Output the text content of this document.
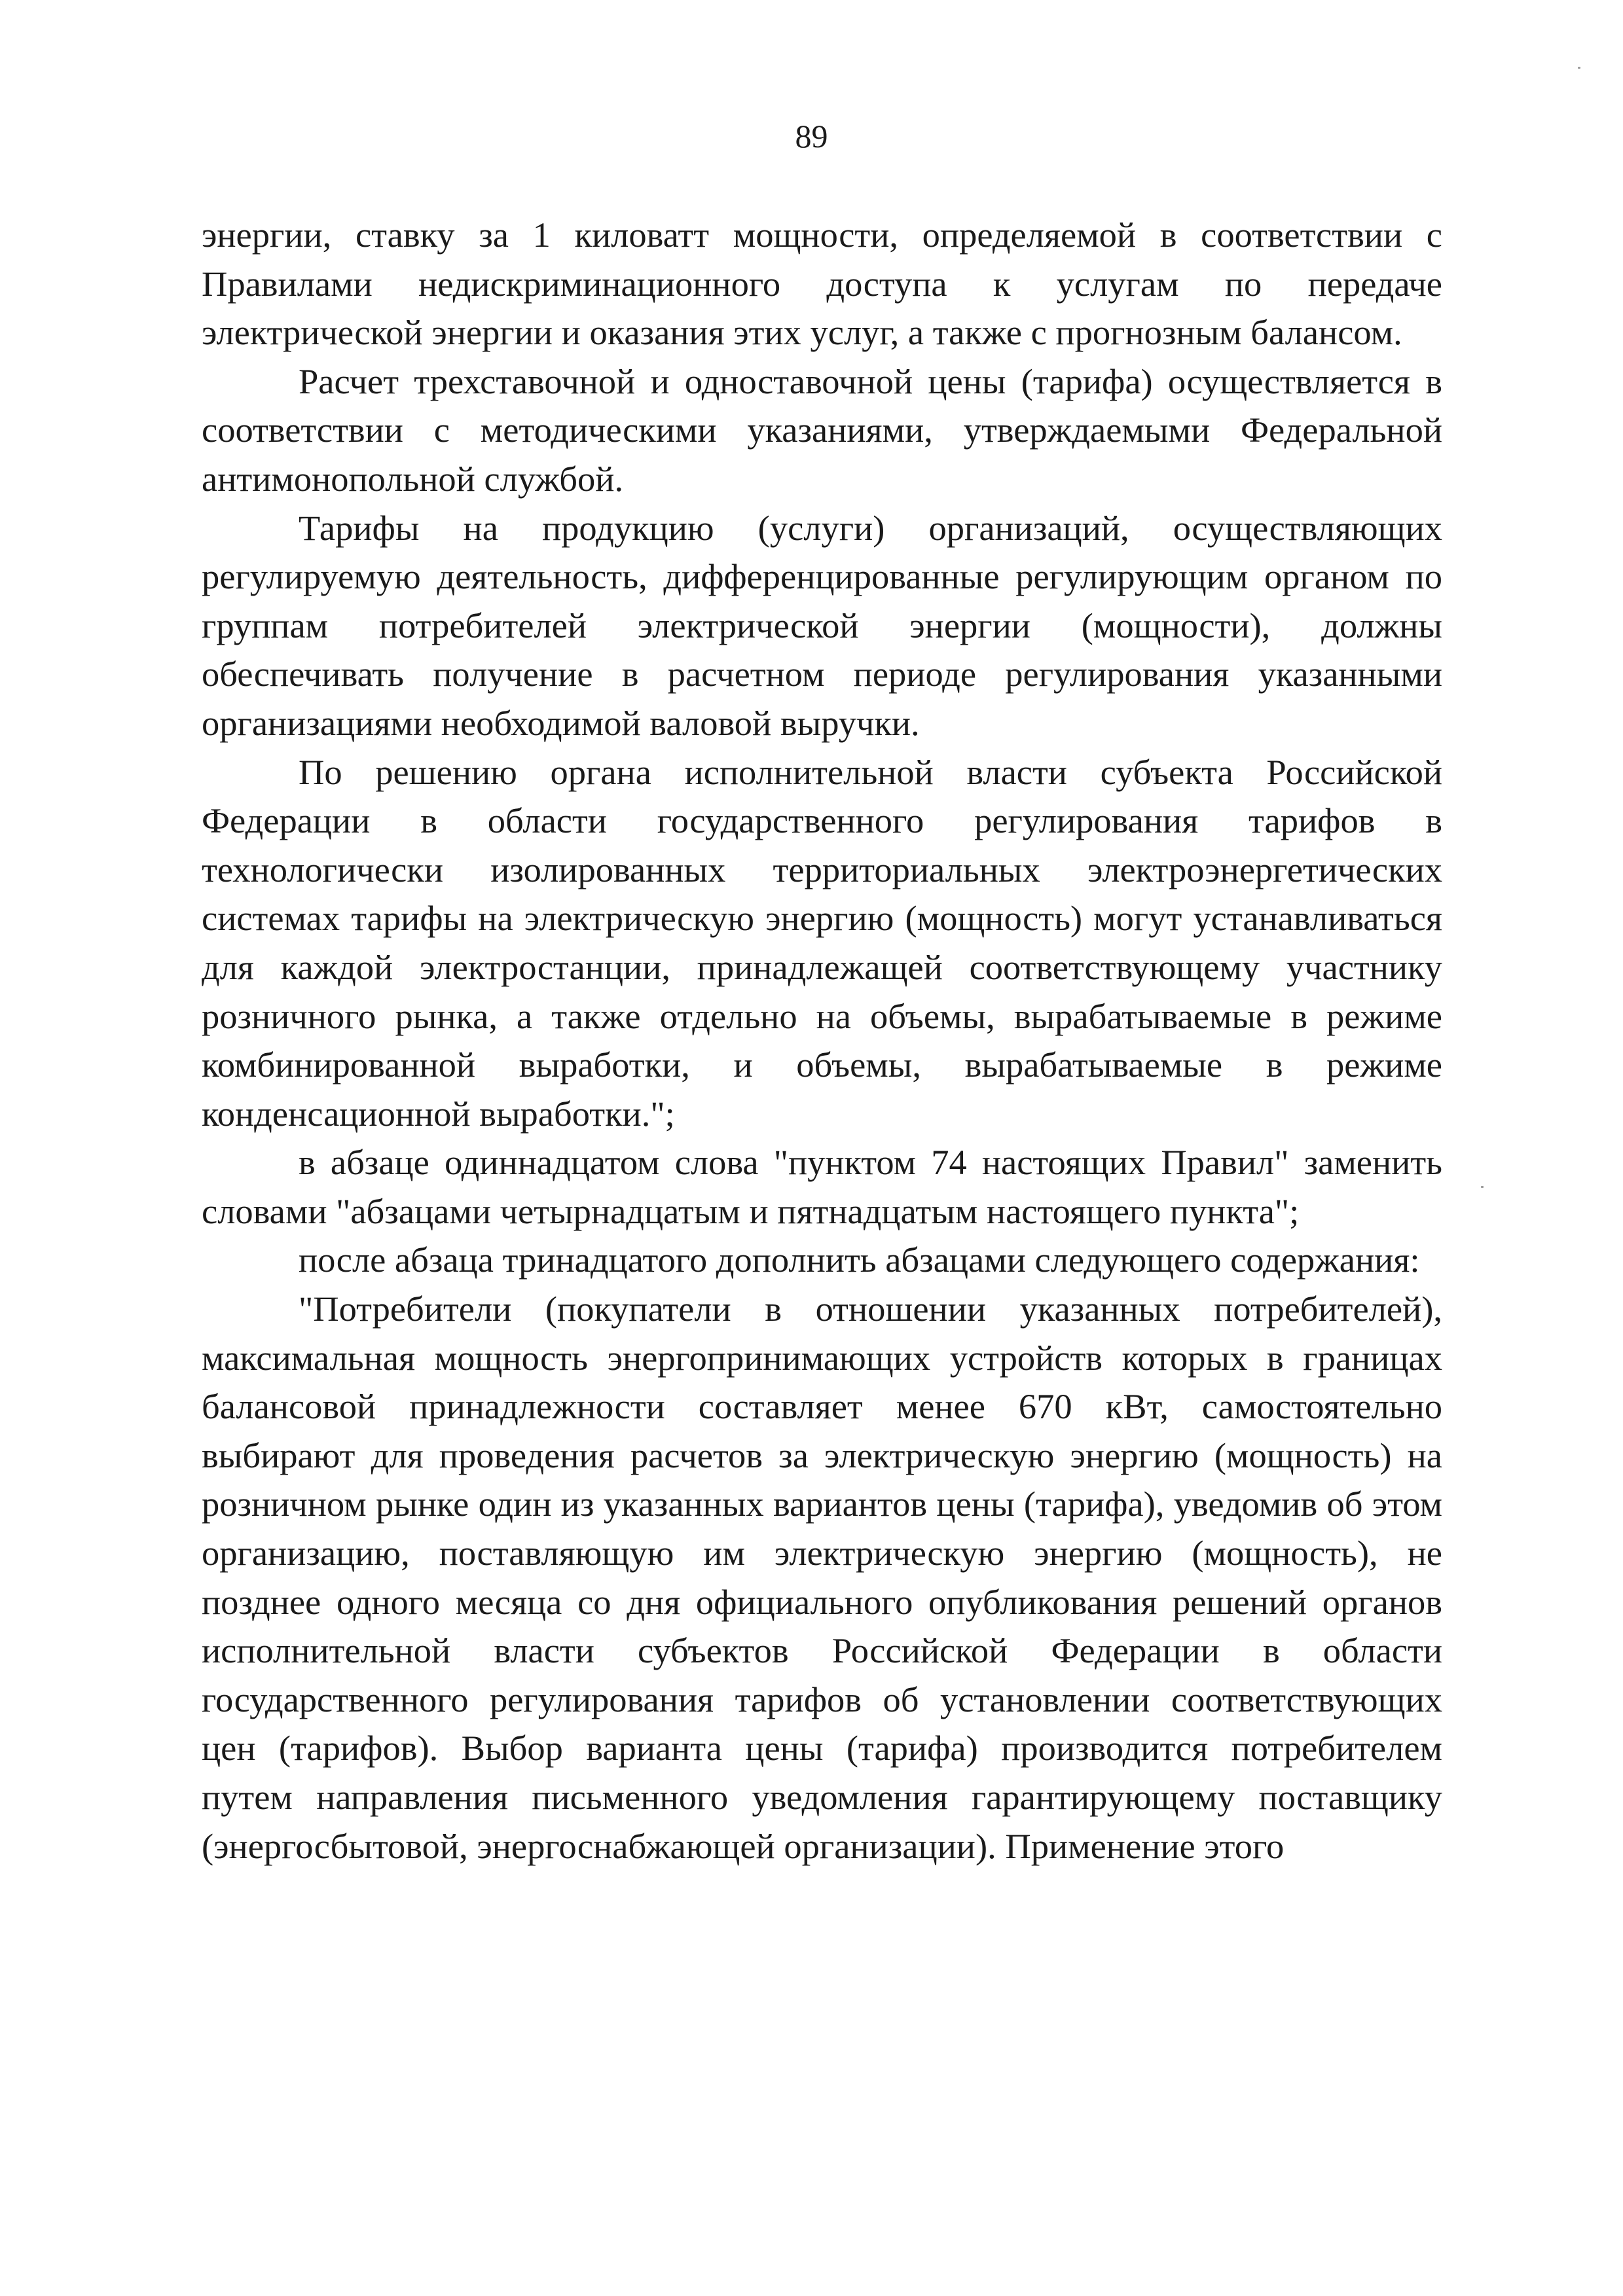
89

энергии, ставку за 1 киловатт мощности, определяемой в соответствии с Правилами недискриминационного доступа к услугам по передаче электрической энергии и оказания этих услуг, а также с прогнозным балансом.

Расчет трехставочной и одноставочной цены (тарифа) осуществляется в соответствии с методическими указаниями, утверждаемыми Федеральной антимонопольной службой.

Тарифы на продукцию (услуги) организаций, осуществляющих регулируемую деятельность, дифференцированные регулирующим органом по группам потребителей электрической энергии (мощности), должны обеспечивать получение в расчетном периоде регулирования указанными организациями необходимой валовой выручки.

По решению органа исполнительной власти субъекта Российской Федерации в области государственного регулирования тарифов в технологически изолированных территориальных электроэнергетических системах тарифы на электрическую энергию (мощность) могут устанавливаться для каждой электростанции, принадлежащей соответствующему участнику розничного рынка, а также отдельно на объемы, вырабатываемые в режиме комбинированной выработки, и объемы, вырабатываемые в режиме конденсационной выработки.";

в абзаце одиннадцатом слова "пунктом 74 настоящих Правил" заменить словами "абзацами четырнадцатым и пятнадцатым настоящего пункта";

после абзаца тринадцатого дополнить абзацами следующего содержания:

"Потребители (покупатели в отношении указанных потребителей), максимальная мощность энергопринимающих устройств которых в границах балансовой принадлежности составляет менее 670 кВт, самостоятельно выбирают для проведения расчетов за электрическую энергию (мощность) на розничном рынке один из указанных вариантов цены (тарифа), уведомив об этом организацию, поставляющую им электрическую энергию (мощность), не позднее одного месяца со дня официального опубликования решений органов исполнительной власти субъектов Российской Федерации в области государственного регулирования тарифов об установлении соответствующих цен (тарифов). Выбор варианта цены (тарифа) производится потребителем путем направления письменного уведомления гарантирующему поставщику (энергосбытовой, энергоснабжающей организации). Применение этого
